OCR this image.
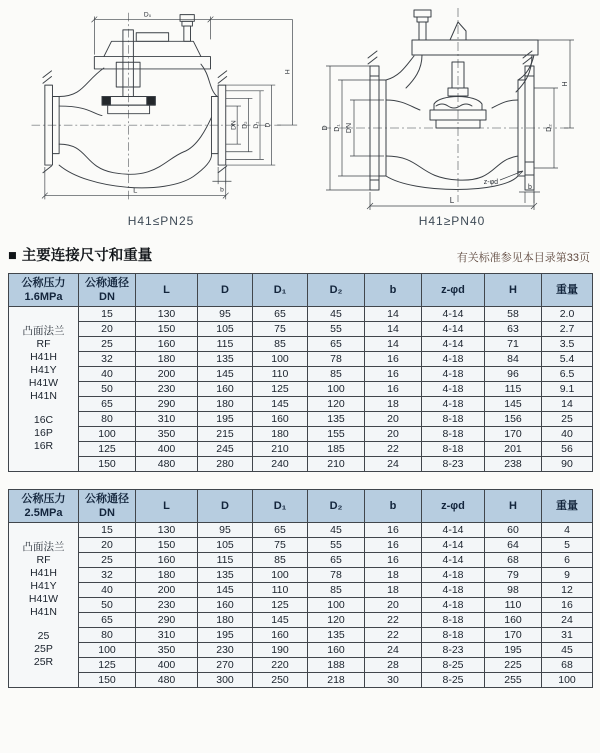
D₀
DN D₂ D₁ D
H
b
L
H41≤PN25
D D₁ DN
H
D₂
z-φd
b
L
H41≥PN40
■ 主要连接尺寸和重量	有关标准参见本目录第33页
公称压力
1.6MPa

公称通径
DN

L	D	D₁	D₂	b	z-φd	H	重量

凸面法兰
RF
H41H
H41Y
H41W
H41N
16C
16P
16R
	15	130	95	65	45	14	4-14	58	2.0
	20	150	105	75	55	14	4-14	63	2.7
	25	160	115	85	65	14	4-14	71	3.5
	32	180	135	100	78	16	4-18	84	5.4
	40	200	145	110	85	16	4-18	96	6.5
	50	230	160	125	100	16	4-18	115	9.1
	65	290	180	145	120	18	4-18	145	14
	80	310	195	160	135	20	8-18	156	25
	100	350	215	180	155	20	8-18	170	40
	125	400	245	210	185	22	8-18	201	56
	150	480	280	240	210	24	8-23	238	90
公称压力
2.5MPa

公称通径
DN

L	D	D₁	D₂	b	z-φd	H	重量

凸面法兰
RF
H41H
H41Y
H41W
H41N
25
25P
25R
	15	130	95	65	45	16	4-14	60	4
	20	150	105	75	55	16	4-14	64	5
	25	160	115	85	65	16	4-14	68	6
	32	180	135	100	78	18	4-18	79	9
	40	200	145	110	85	18	4-18	98	12
	50	230	160	125	100	20	4-18	110	16
	65	290	180	145	120	22	8-18	160	24
	80	310	195	160	135	22	8-18	170	31
	100	350	230	190	160	24	8-23	195	45
	125	400	270	220	188	28	8-25	225	68
	150	480	300	250	218	30	8-25	255	100
